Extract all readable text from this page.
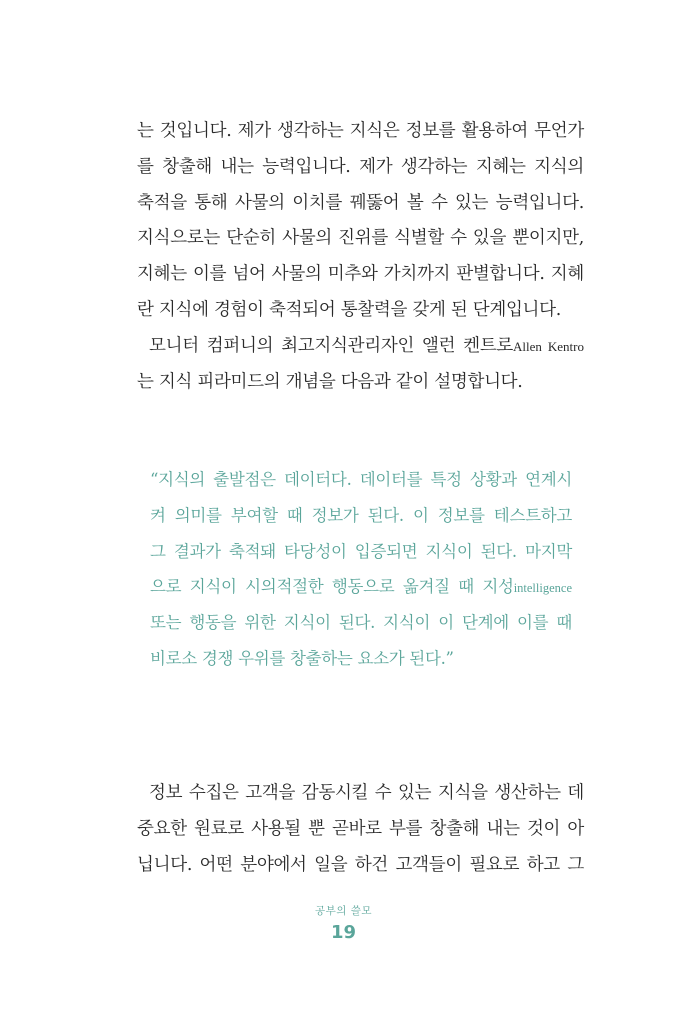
는 것입니다. 제가 생각하는 지식은 정보를 활용하여 무언가
를 창출해 내는 능력입니다. 제가 생각하는 지혜는 지식의
축적을 통해 사물의 이치를 꿰뚫어 볼 수 있는 능력입니다.
지식으로는 단순히 사물의 진위를 식별할 수 있을 뿐이지만,
지혜는 이를 넘어 사물의 미추와 가치까지 판별합니다. 지혜
란 지식에 경험이 축적되어 통찰력을 갖게 된 단계입니다.
모니터 컴퍼니의 최고지식관리자인 앨런 켄트로Allen Kentro
는 지식 피라미드의 개념을 다음과 같이 설명합니다.
“지식의 출발점은 데이터다. 데이터를 특정 상황과 연계시
켜 의미를 부여할 때 정보가 된다. 이 정보를 테스트하고
그 결과가 축적돼 타당성이 입증되면 지식이 된다. 마지막
으로 지식이 시의적절한 행동으로 옮겨질 때 지성intelligence
또는 행동을 위한 지식이 된다. 지식이 이 단계에 이를 때
비로소 경쟁 우위를 창출하는 요소가 된다.”
정보 수집은 고객을 감동시킬 수 있는 지식을 생산하는 데
중요한 원료로 사용될 뿐 곧바로 부를 창출해 내는 것이 아
닙니다. 어떤 분야에서 일을 하건 고객들이 필요로 하고 그
공부의 쓸모
19
